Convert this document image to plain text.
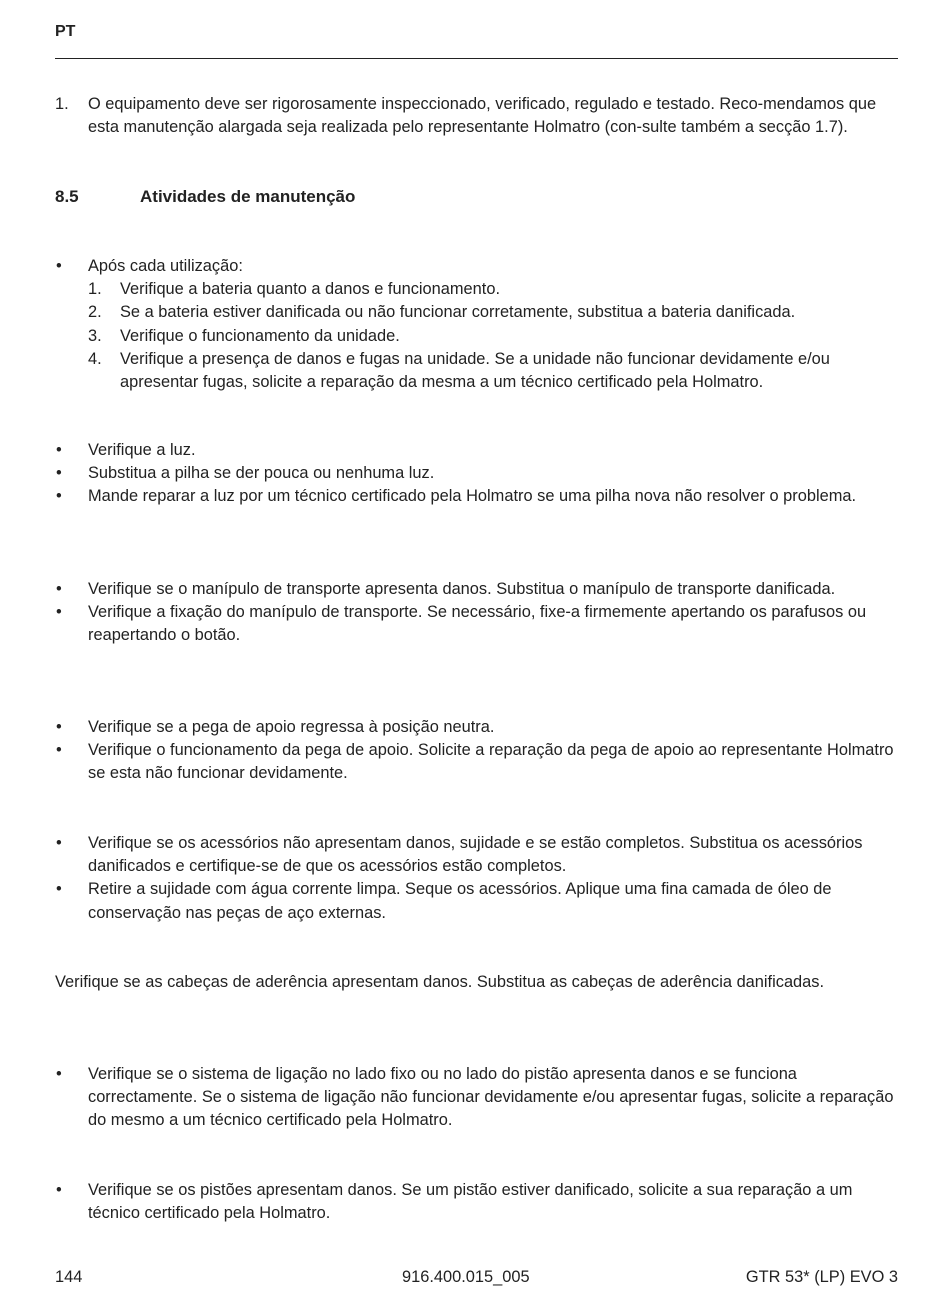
PT
1. O equipamento deve ser rigorosamente inspeccionado, verificado, regulado e testado. Reco-mendamos que esta manutenção alargada seja realizada pelo representante Holmatro (con-sulte também a secção 1.7).
8.5	Atividades de manutenção
• Após cada utilização:
1. Verifique a bateria quanto a danos e funcionamento.
2. Se a bateria estiver danificada ou não funcionar corretamente, substitua a bateria danificada.
3. Verifique o funcionamento da unidade.
4. Verifique a presença de danos e fugas na unidade. Se a unidade não funcionar devidamente e/ou apresentar fugas, solicite a reparação da mesma a um técnico certificado pela Holmatro.
• Verifique a luz.
• Substitua a pilha se der pouca ou nenhuma luz.
• Mande reparar a luz por um técnico certificado pela Holmatro se uma pilha nova não resolver o problema.
• Verifique se o manípulo de transporte apresenta danos. Substitua o manípulo de transporte danificada.
• Verifique a fixação do manípulo de transporte. Se necessário, fixe-a firmemente apertando os parafusos ou reapertando o botão.
• Verifique se a pega de apoio regressa à posição neutra.
• Verifique o funcionamento da pega de apoio. Solicite a reparação da pega de apoio ao representante Holmatro se esta não funcionar devidamente.
• Verifique se os acessórios não apresentam danos, sujidade e se estão completos. Substitua os acessórios danificados e certifique-se de que os acessórios estão completos.
• Retire a sujidade com água corrente limpa. Seque os acessórios. Aplique uma fina camada de óleo de conservação nas peças de aço externas.
Verifique se as cabeças de aderência apresentam danos. Substitua as cabeças de aderência danificadas.
• Verifique se o sistema de ligação no lado fixo ou no lado do pistão apresenta danos e se funciona correctamente. Se o sistema de ligação não funcionar devidamente e/ou apresentar fugas, solicite a reparação do mesmo a um técnico certificado pela Holmatro.
• Verifique se os pistões apresentam danos. Se um pistão estiver danificado, solicite a sua reparação a um técnico certificado pela Holmatro.
144	916.400.015_005	GTR 53* (LP) EVO 3
